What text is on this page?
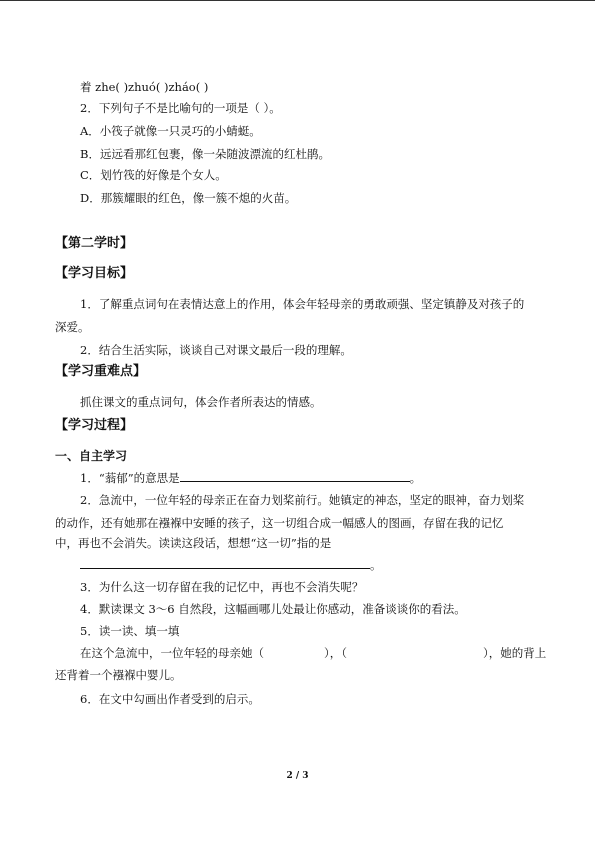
着 zhe( )zhuó( )zháo( )
2．下列句子不是比喻句的一项是（ ）。
A．小筏子就像一只灵巧的小蜻蜓。
B．远远看那红包裹，像一朵随波漂流的红杜鹃。
C．划竹筏的好像是个女人。
D．那簇耀眼的红色，像一簇不熄的火苗。
【第二学时】
【学习目标】
1．了解重点词句在表情达意上的作用，体会年轻母亲的勇敢顽强、坚定镇静及对孩子的
深爱。
2．结合生活实际，谈谈自己对课文最后一段的理解。
【学习重难点】
抓住课文的重点词句，体会作者所表达的情感。
【学习过程】
一、自主学习
1．“蓊郁”的意思是	。
2．急流中，一位年轻的母亲正在奋力划桨前行。她镇定的神态，坚定的眼神，奋力划桨
的动作，还有她那在襁褓中安睡的孩子，这一切组合成一幅感人的图画，存留在我的记忆
中，再也不会消失。读读这段话，想想“这一切”指的是
。
3．为什么这一切存留在我的记忆中，再也不会消失呢？
4．默读课文 3～6 自然段，这幅画哪儿处最让你感动，准备谈谈你的看法。
5．读一读、填一填
在这个急流中，一位年轻的母亲她（	），（	），她的背上
还背着一个襁褓中婴儿。
6．在文中勾画出作者受到的启示。
2 / 3
